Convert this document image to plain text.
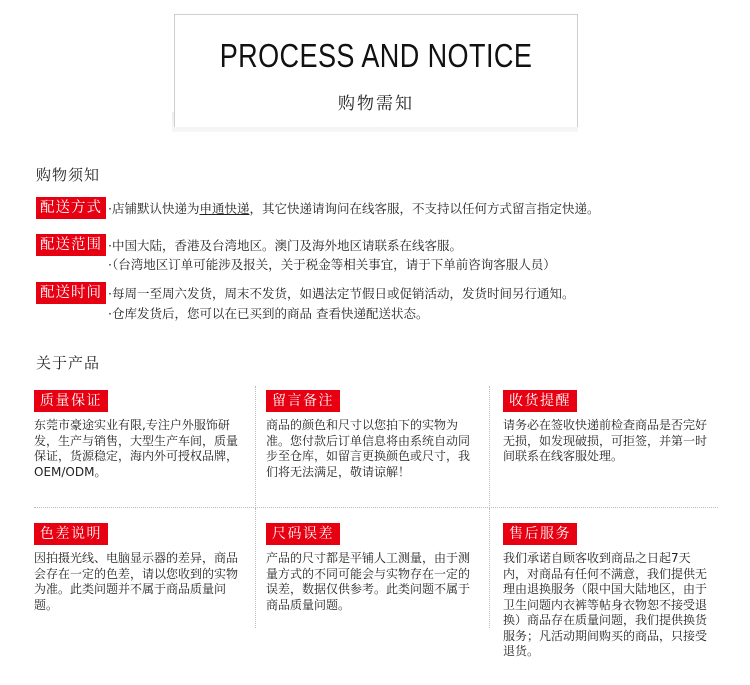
PROCESS AND NOTICE
购物需知
购物须知
配送方式 ·店铺默认快递为申通快递，其它快递请询问在线客服，不支持以任何方式留言指定快递。
配送范围 ·中国大陆，香港及台湾地区。澳门及海外地区请联系在线客服。
·（台湾地区订单可能涉及报关，关于税金等相关事宜，请于下单前咨询客服人员）
配送时间 ·每周一至周六发货，周末不发货，如遇法定节假日或促销活动，发货时间另行通知。
·仓库发货后，您可以在已买到的商品 查看快递配送状态。
关于产品
质量保证
东莞市豪途实业有限,专注户外服饰研发，生产与销售，大型生产车间，质量保证，货源稳定，海内外可授权品牌，OEM/ODM。
留言备注
商品的颜色和尺寸以您拍下的实物为准。您付款后订单信息将由系统自动同步至仓库，如留言更换颜色或尺寸，我们将无法满足，敬请谅解！
收货提醒
请务必在签收快递前检查商品是否完好无损，如发现破损，可拒签，并第一时间联系在线客服处理。
色差说明
因拍摄光线、电脑显示器的差异，商品会存在一定的色差，请以您收到的实物为准。此类问题并不属于商品质量问题。
尺码误差
产品的尺寸都是平铺人工测量，由于测量方式的不同可能会与实物存在一定的误差，数据仅供参考。此类问题不属于商品质量问题。
售后服务
我们承诺自顾客收到商品之日起7天内，对商品有任何不满意，我们提供无理由退换服务（限中国大陆地区，由于卫生问题内衣裤等帖身衣物恕不接受退换）商品存在质量问题，我们提供换货服务；凡活动期间购买的商品，只接受退货。
